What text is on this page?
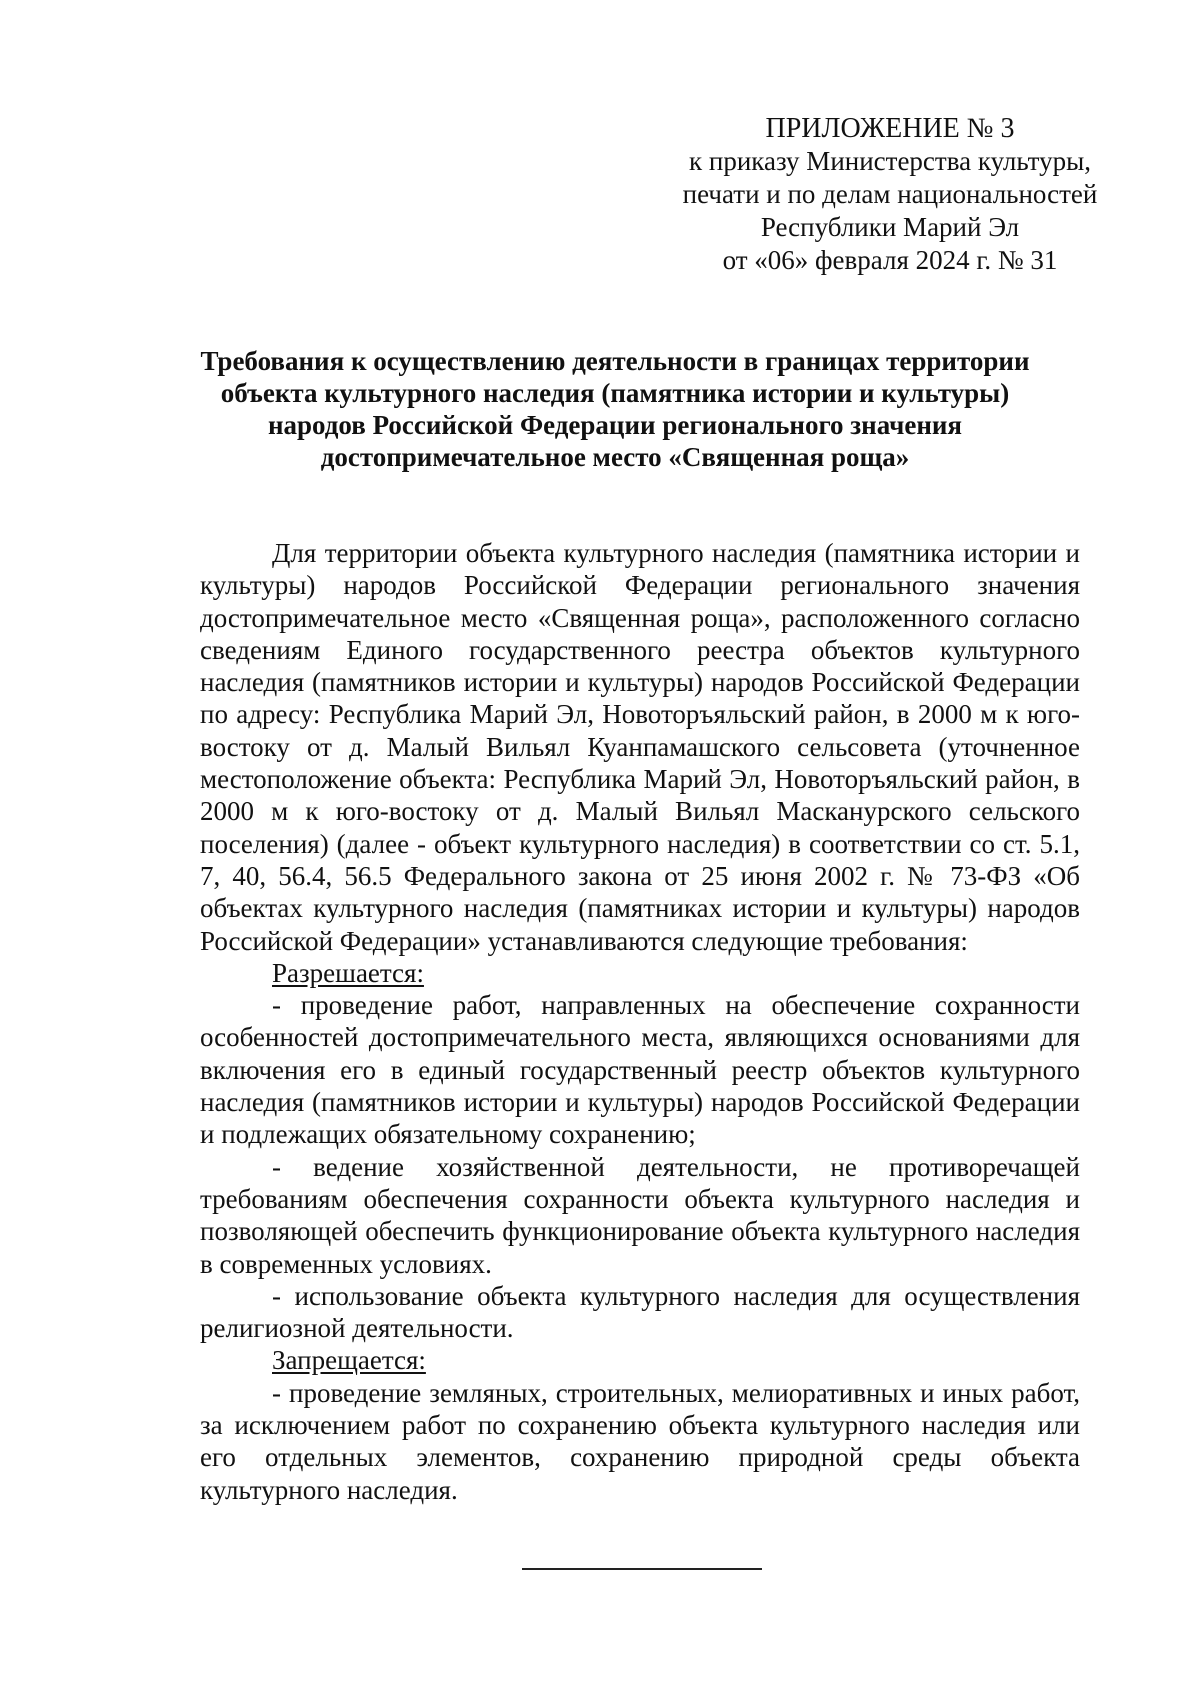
ПРИЛОЖЕНИЕ № 3
к приказу Министерства культуры,
печати и по делам национальностей
Республики Марий Эл
от «06» февраля 2024 г. № 31
Требования к осуществлению деятельности в границах территории
объекта культурного наследия (памятника истории и культуры)
народов Российской Федерации регионального значения
достопримечательное место «Священная роща»

Для территории объекта культурного наследия (памятника истории и культуры) народов Российской Федерации регионального значения достопримечательное место «Священная роща», расположенного согласно сведениям Единого государственного реестра объектов культурного наследия (памятников истории и культуры) народов Российской Федерации по адресу: Республика Марий Эл, Новоторъяльский район, в 2000 м к юго-востоку от д. Малый Вильял Куанпамашского сельсовета (уточненное местоположение объекта: Республика Марий Эл, Новоторъяльский район, в 2000 м к юго-востоку от д. Малый Вильял Масканурского сельского поселения) (далее - объект культурного наследия) в соответствии со ст. 5.1, 7, 40, 56.4, 56.5 Федерального закона от 25 июня 2002 г. № 73-ФЗ «Об объектах культурного наследия (памятниках истории и культуры) народов Российской Федерации» устанавливаются следующие требования:

Разрешается:

- проведение работ, направленных на обеспечение сохранности особенностей достопримечательного места, являющихся основаниями для включения его в единый государственный реестр объектов культурного наследия (памятников истории и культуры) народов Российской Федерации и подлежащих обязательному сохранению;

- ведение хозяйственной деятельности, не противоречащей требованиям обеспечения сохранности объекта культурного наследия и позволяющей обеспечить функционирование объекта культурного наследия в современных условиях.

- использование объекта культурного наследия для осуществления религиозной деятельности.

Запрещается:

- проведение земляных, строительных, мелиоративных и иных работ, за исключением работ по сохранению объекта культурного наследия или его отдельных элементов, сохранению природной среды объекта культурного наследия.
